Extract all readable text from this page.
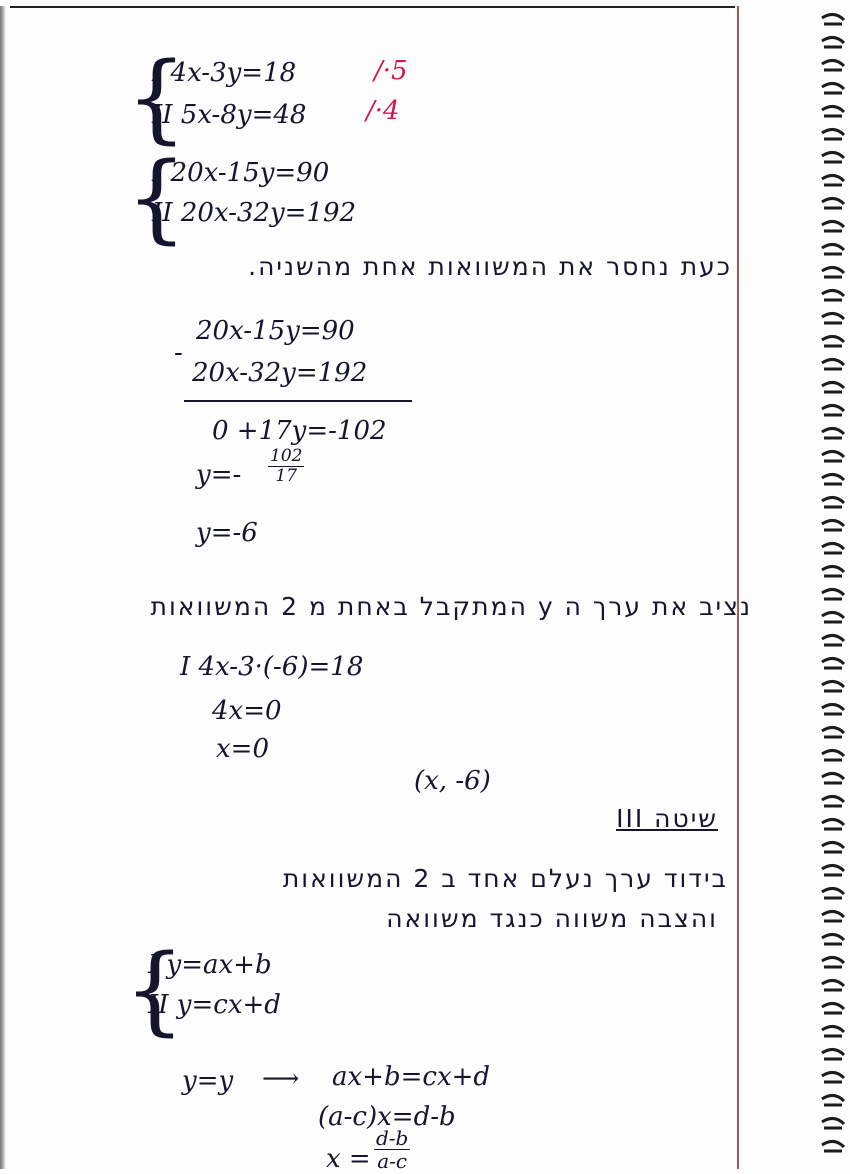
{
I 4x-3y=18	/·5
II 5x-8y=48 /·4
{
I 20x-15y=90
II 20x-32y=192
כעת נחסר את המשוואות אחת מהשניה.
-
20x-15y=90
20x-32y=192
0 +17y=-102
$y=- \frac{102}{17}$
y=-6
נציב את ערך ה y המתקבל באחת מ 2 המשוואות
I 4x-3·(-6)=18
4x=0
x=0
(x, -6)
שיטה III
בידוד ערך נעלם אחד ב 2 המשוואות
והצבה משווה כנגד משוואה
{
I y=ax+b
II y=cx+d
y=y ⟶ ax+b=cx+d
(a-c)x=d-b
$x = \frac{d-b}{a-c}$
